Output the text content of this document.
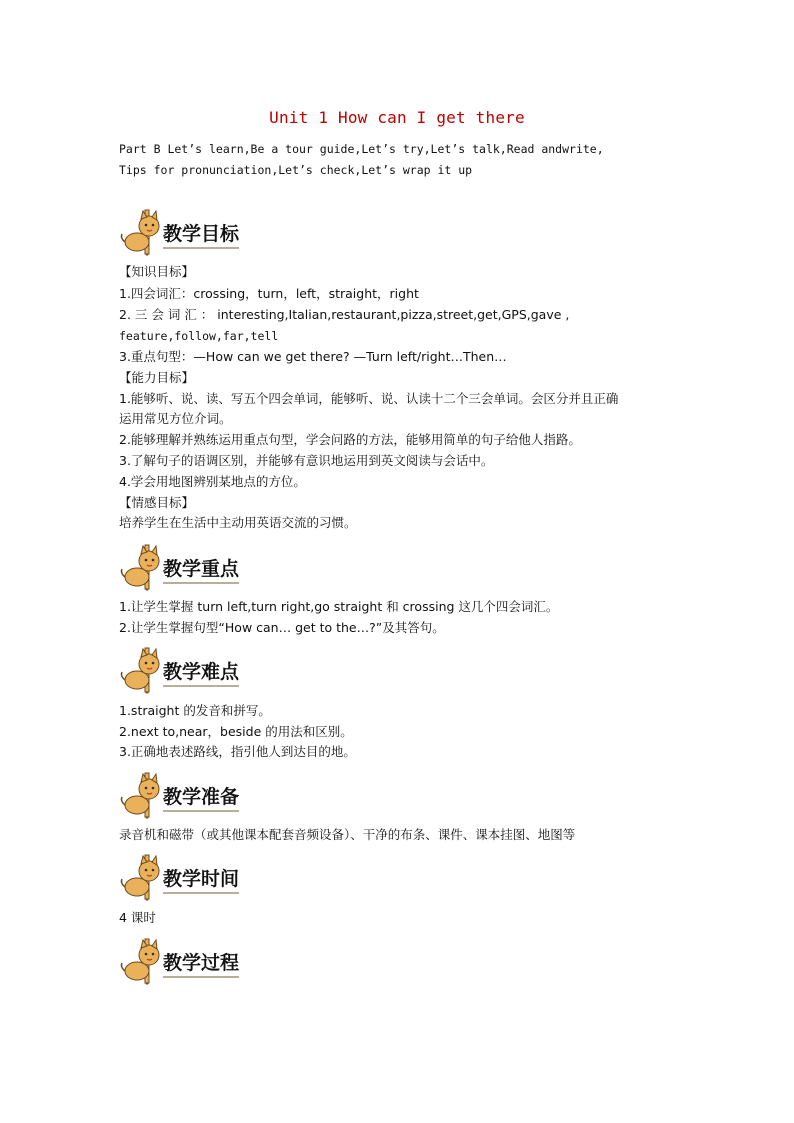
Unit 1 How can I get there
Part B Let’s learn,Be a tour guide,Let’s try,Let’s talk,Read andwrite,
Tips for pronunciation,Let’s check,Let’s wrap it up
教学目标
【知识目标】
1.四会词汇：crossing，turn，left，straight，right
2. 三 会 词 汇 ： interesting,Italian,restaurant,pizza,street,get,GPS,gave ,
feature,follow,far,tell
3.重点句型：—How can we get there? —Turn left/right…Then…
【能力目标】
1.能够听、说、读、写五个四会单词，能够听、说、认读十二个三会单词。会区分并且正确
运用常见方位介词。
2.能够理解并熟练运用重点句型，学会问路的方法，能够用简单的句子给他人指路。
3.了解句子的语调区别，并能够有意识地运用到英文阅读与会话中。
4.学会用地图辨别某地点的方位。
【情感目标】
培养学生在生活中主动用英语交流的习惯。
教学重点
1.让学生掌握 turn left,turn right,go straight 和 crossing 这几个四会词汇。
2.让学生掌握句型“How can… get to the…?”及其答句。
教学难点
1.straight 的发音和拼写。
2.next to,near，beside 的用法和区别。
3.正确地表述路线，指引他人到达目的地。
教学准备
录音机和磁带（或其他课本配套音频设备）、干净的布条、课件、课本挂图、地图等
教学时间
4 课时
教学过程
